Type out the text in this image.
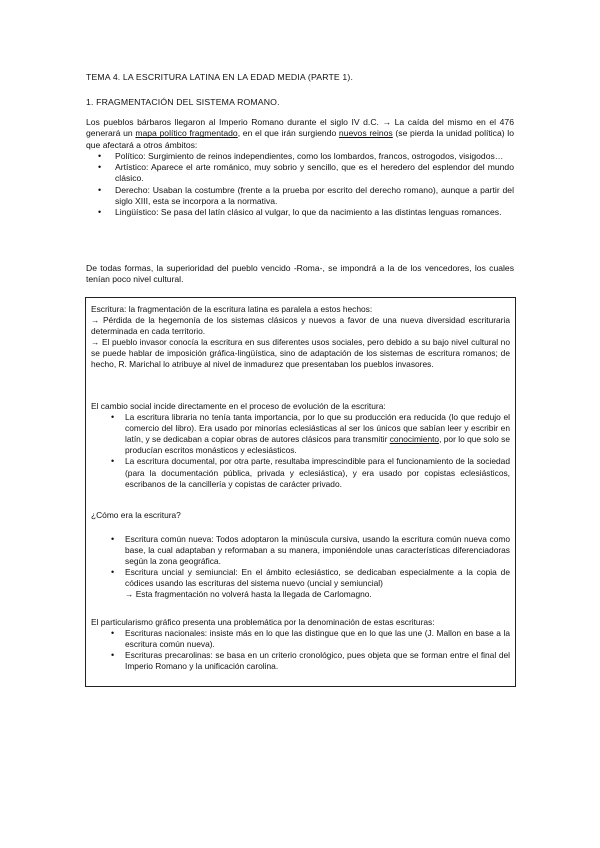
TEMA 4. LA ESCRITURA LATINA EN LA EDAD MEDIA (PARTE 1).

1. FRAGMENTACIÓN DEL SISTEMA ROMANO.

Los pueblos bárbaros llegaron al Imperio Romano durante el siglo IV d.C. → La caída del mismo en el 476 generará un mapa político fragmentado, en el que irán surgiendo nuevos reinos (se pierda la unidad política) lo que afectará a otros ámbitos:

• Político: Surgimiento de reinos independientes, como los lombardos, francos, ostrogodos, visigodos…
• Artístico: Aparece el arte románico, muy sobrio y sencillo, que es el heredero del esplendor del mundo clásico.
• Derecho: Usaban la costumbre (frente a la prueba por escrito del derecho romano), aunque a partir del siglo XIII, esta se incorpora a la normativa.
• Lingüístico: Se pasa del latín clásico al vulgar, lo que da nacimiento a las distintas lenguas romances.

De todas formas, la superioridad del pueblo vencido -Roma-, se impondrá a la de los vencedores, los cuales tenían poco nivel cultural.

Escritura: la fragmentación de la escritura latina es paralela a estos hechos:

→ Pérdida de la hegemonía de los sistemas clásicos y nuevos a favor de una nueva diversidad escrituraria determinada en cada territorio.

→ El pueblo invasor conocía la escritura en sus diferentes usos sociales, pero debido a su bajo nivel cultural no se puede hablar de imposición gráfica-lingüística, sino de adaptación de los sistemas de escritura romanos; de hecho, R. Marichal lo atribuye al nivel de inmadurez que presentaban los pueblos invasores.

El cambio social incide directamente en el proceso de evolución de la escritura:

• La escritura libraria no tenía tanta importancia, por lo que su producción era reducida (lo que redujo el comercio del libro). Era usado por minorías eclesiásticas al ser los únicos que sabían leer y escribir en latín, y se dedicaban a copiar obras de autores clásicos para transmitir conocimiento, por lo que solo se producían escritos monásticos y eclesiásticos.
• La escritura documental, por otra parte, resultaba imprescindible para el funcionamiento de la sociedad (para la documentación pública, privada y eclesiástica), y era usado por copistas eclesiásticos, escribanos de la cancillería y copistas de carácter privado.

¿Cómo era la escritura?

• Escritura común nueva: Todos adoptaron la minúscula cursiva, usando la escritura común nueva como base, la cual adaptaban y reformaban a su manera, imponiéndole unas características diferenciadoras según la zona geográfica.
• Escritura uncial y semiuncial: En el ámbito eclesiástico, se dedicaban especialmente a la copia de códices usando las escrituras del sistema nuevo (uncial y semiuncial)
→ Esta fragmentación no volverá hasta la llegada de Carlomagno.

El particularismo gráfico presenta una problemática por la denominación de estas escrituras:

• Escrituras nacionales: insiste más en lo que las distingue que en lo que las une (J. Mallon en base a la escritura común nueva).
• Escrituras precarolinas: se basa en un criterio cronológico, pues objeta que se forman entre el final del Imperio Romano y la unificación carolina.
